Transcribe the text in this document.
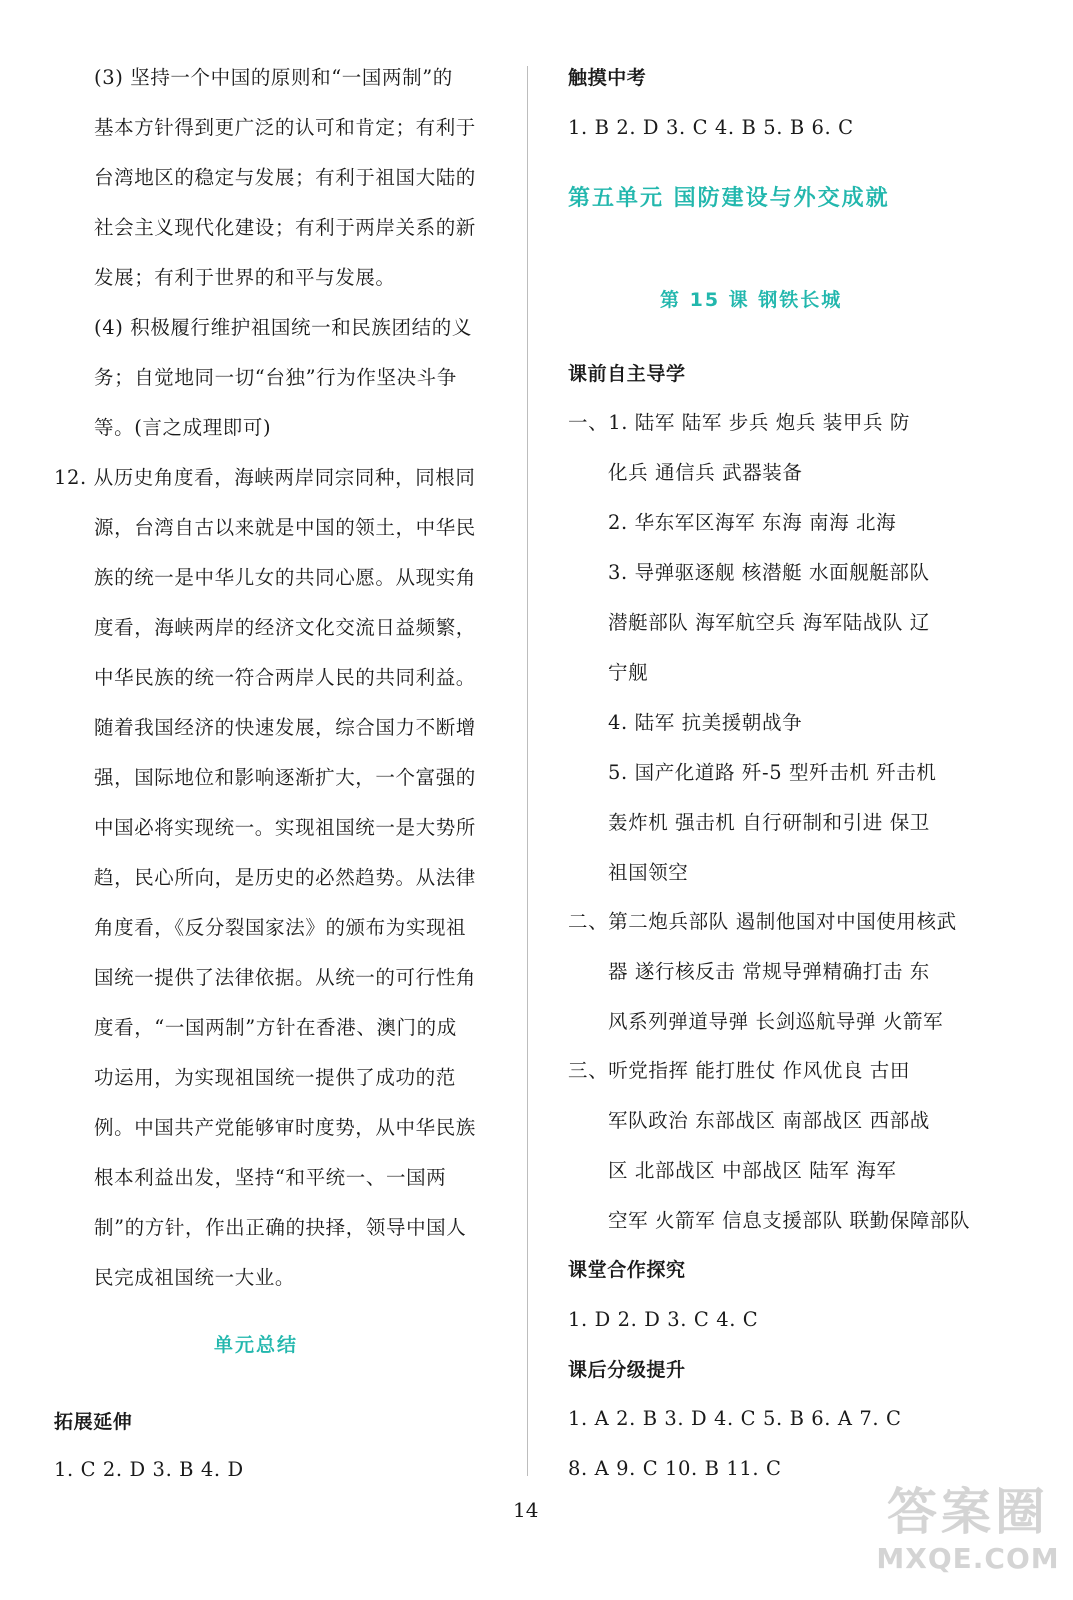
(3) 坚持一个中国的原则和“一国两制”的
基本方针得到更广泛的认可和肯定；有利于
台湾地区的稳定与发展；有利于祖国大陆的
社会主义现代化建设；有利于两岸关系的新
发展；有利于世界的和平与发展。
(4) 积极履行维护祖国统一和民族团结的义
务；自觉地同一切“台独”行为作坚决斗争
等。(言之成理即可)
12. 从历史角度看，海峡两岸同宗同种，同根同
源，台湾自古以来就是中国的领土，中华民
族的统一是中华儿女的共同心愿。从现实角
度看，海峡两岸的经济文化交流日益频繁，
中华民族的统一符合两岸人民的共同利益。
随着我国经济的快速发展，综合国力不断增
强，国际地位和影响逐渐扩大，一个富强的
中国必将实现统一。实现祖国统一是大势所
趋，民心所向，是历史的必然趋势。从法律
角度看，《反分裂国家法》的颁布为实现祖
国统一提供了法律依据。从统一的可行性角
度看，“一国两制”方针在香港、澳门的成
功运用，为实现祖国统一提供了成功的范
例。中国共产党能够审时度势，从中华民族
根本利益出发，坚持“和平统一、一国两
制”的方针，作出正确的抉择，领导中国人
民完成祖国统一大业。
单元总结
拓展延伸
1. C 2. D 3. B 4. D
触摸中考
1. B 2. D 3. C 4. B 5. B 6. C
第五单元 国防建设与外交成就
第 15 课 钢铁长城
课前自主导学
一、1. 陆军 陆军 步兵 炮兵 装甲兵 防
化兵 通信兵 武器装备
2. 华东军区海军 东海 南海 北海
3. 导弹驱逐舰 核潜艇 水面舰艇部队
潜艇部队 海军航空兵 海军陆战队 辽
宁舰
4. 陆军 抗美援朝战争
5. 国产化道路 歼-5 型歼击机 歼击机
轰炸机 强击机 自行研制和引进 保卫
祖国领空
二、第二炮兵部队 遏制他国对中国使用核武
器 遂行核反击 常规导弹精确打击 东
风系列弹道导弹 长剑巡航导弹 火箭军
三、听党指挥 能打胜仗 作风优良 古田
军队政治 东部战区 南部战区 西部战
区 北部战区 中部战区 陆军 海军
空军 火箭军 信息支援部队 联勤保障部队
课堂合作探究
1. D 2. D 3. C 4. C
课后分级提升
1. A 2. B 3. D 4. C 5. B 6. A 7. C
8. A 9. C 10. B 11. C
14	答案圈
MXQE.COM
